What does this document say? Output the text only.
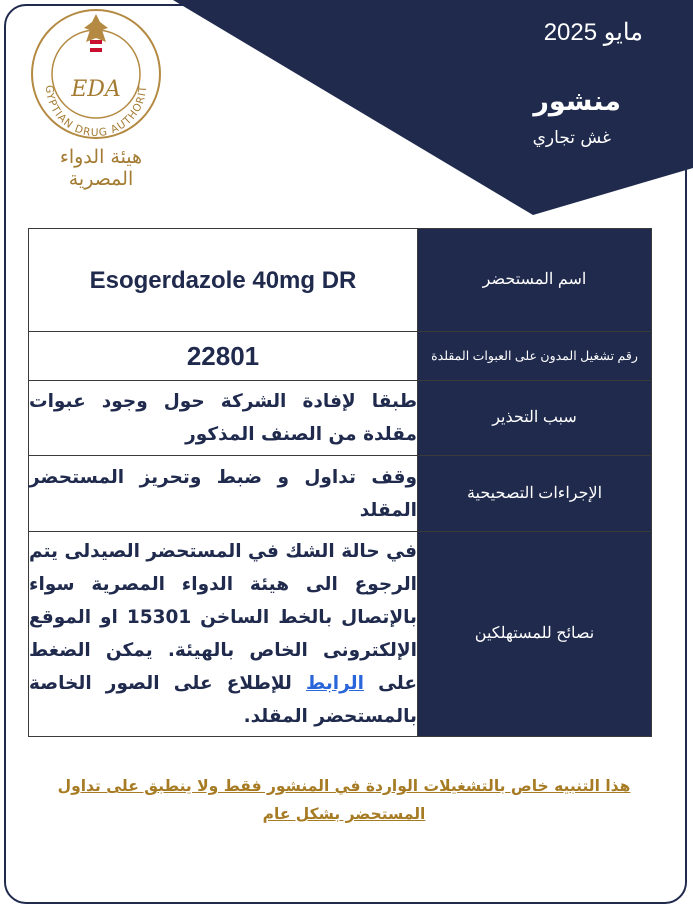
مايو 2025
منشور
غش تجاري
EDA
GYPTIAN DRUG AUTHORIT
هيئة الدواء المصرية
اسم المستحضر	Esogerdazole 40mg DR
رقم تشغيل المدون على العبوات المقلدة	22801
سبب التحذير	طبقا لإفادة الشركة حول وجود عبوات مقلدة من الصنف المذكور
الإجراءات التصحيحية	وقف تداول و ضبط وتحريز المستحضر المقلد
نصائح للمستهلكين	في حالة الشك في المستحضر الصيدلى يتم الرجوع الى هيئة الدواء المصرية سواء بالإتصال بالخط الساخن 15301 او الموقع الإلكترونى الخاص بالهيئة. يمكن الضغط على الرابط للإطلاع على الصور الخاصة بالمستحضر المقلد.
هذا التنبيه خاص بالتشغيلات الواردة في المنشور فقط ولا ينطبق على تداول المستحضر بشكل عام
